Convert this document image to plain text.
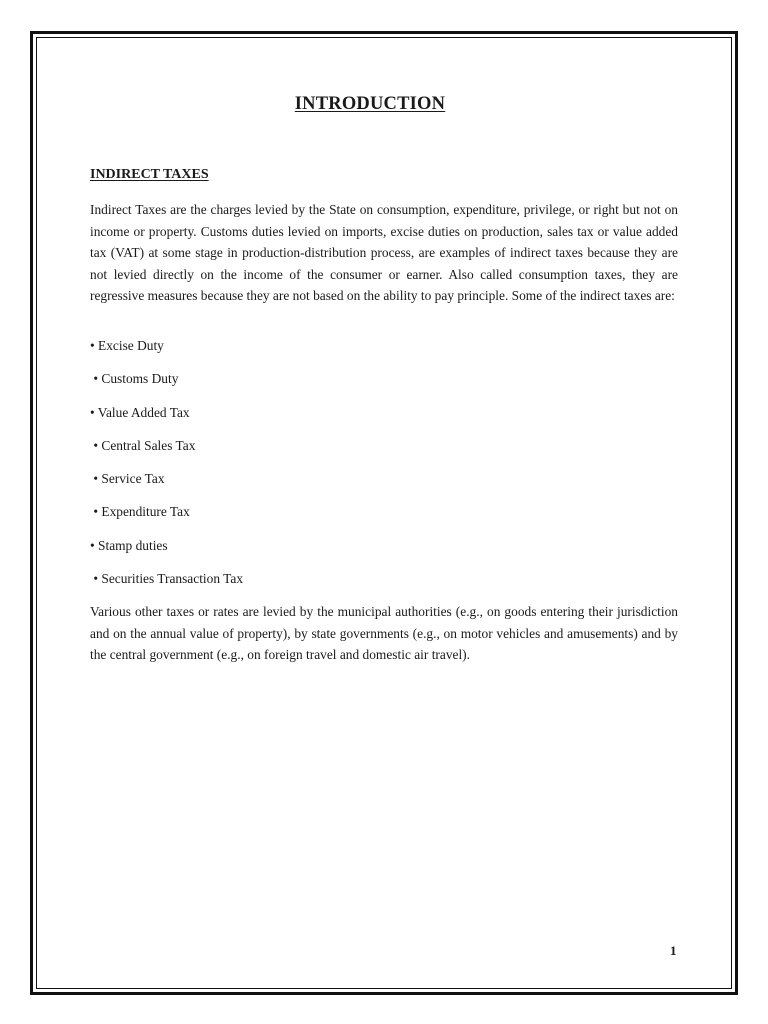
INTRODUCTION
INDIRECT TAXES

Indirect Taxes are the charges levied by the State on consumption, expenditure, privilege, or right but not on income or property. Customs duties levied on imports, excise duties on production, sales tax or value added tax (VAT) at some stage in production-distribution process, are examples of indirect taxes because they are not levied directly on the income of the consumer or earner. Also called consumption taxes, they are regressive measures because they are not based on the ability to pay principle. Some of the indirect taxes are:

• Excise Duty
• Customs Duty
• Value Added Tax
• Central Sales Tax
• Service Tax
• Expenditure Tax
• Stamp duties
• Securities Transaction Tax

Various other taxes or rates are levied by the municipal authorities (e.g., on goods entering their jurisdiction and on the annual value of property), by state governments (e.g., on motor vehicles and amusements) and by the central government (e.g., on foreign travel and domestic air travel).

1
